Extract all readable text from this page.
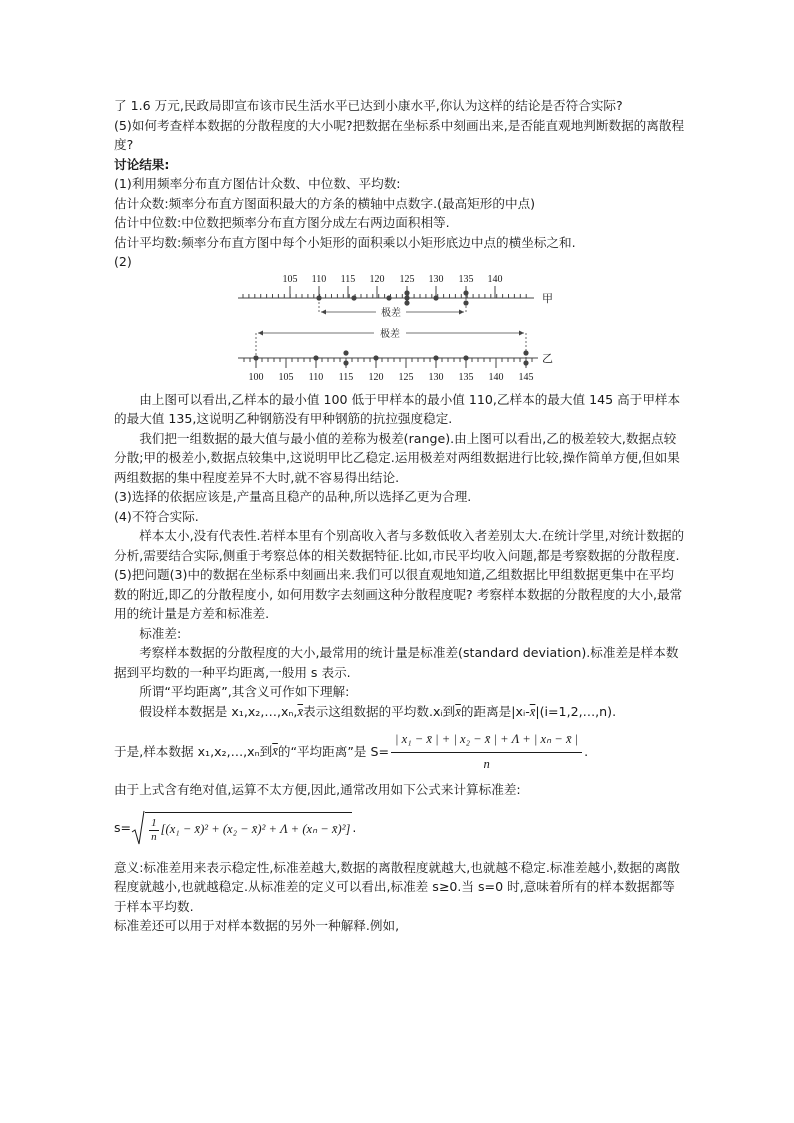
了 1.6 万元,民政局即宣布该市民生活水平已达到小康水平,你认为这样的结论是否符合实际?

(5)如何考查样本数据的分散程度的大小呢?把数据在坐标系中刻画出来,是否能直观地判断数据的离散程度?

讨论结果:

(1)利用频率分布直方图估计众数、中位数、平均数:

估计众数:频率分布直方图面积最大的方条的横轴中点数字.(最高矩形的中点)

估计中位数:中位数把频率分布直方图分成左右两边面积相等.

估计平均数:频率分布直方图中每个小矩形的面积乘以小矩形底边中点的横坐标之和.

(2)

105 110 115 120 125 130 135 140
极差
甲
极差
100 105 110 115 120 125 130 135 140 145
乙

由上图可以看出,乙样本的最小值 100 低于甲样本的最小值 110,乙样本的最大值 145 高于甲样本的最大值 135,这说明乙种钢筋没有甲种钢筋的抗拉强度稳定.

我们把一组数据的最大值与最小值的差称为极差(range).由上图可以看出,乙的极差较大,数据点较分散;甲的极差小,数据点较集中,这说明甲比乙稳定.运用极差对两组数据进行比较,操作简单方便,但如果两组数据的集中程度差异不大时,就不容易得出结论.

(3)选择的依据应该是,产量高且稳产的品种,所以选择乙更为合理.

(4)不符合实际.

样本太小,没有代表性.若样本里有个别高收入者与多数低收入者差别太大.在统计学里,对统计数据的分析,需要结合实际,侧重于考察总体的相关数据特征.比如,市民平均收入问题,都是考察数据的分散程度.

(5)把问题(3)中的数据在坐标系中刻画出来.我们可以很直观地知道,乙组数据比甲组数据更集中在平均数的附近,即乙的分散程度小, 如何用数字去刻画这种分散程度呢? 考察样本数据的分散程度的大小,最常用的统计量是方差和标准差.

标准差:

考察样本数据的分散程度的大小,最常用的统计量是标准差(standard deviation).标准差是样本数据到平均数的一种平均距离,一般用 s 表示.

所谓“平均距离”,其含义可作如下理解:

假设样本数据是 x₁,x₂,…,xₙ,x̄表示这组数据的平均数.xᵢ到x̄的距离是|xᵢ-x̄|(i=1,2,…,n).

于是,样本数据 x₁,x₂,…,xₙ到 x̄ 的“平均距离”是 $S= \frac{\text{| x₁ − x̄ | + | x₂ − x̄ | + Λ + | xₙ − x̄ |}}{n}$ .

由于上式含有绝对值,运算不太方便,因此,通常改用如下公式来计算标准差:

$s= \frac{1}{n} [(x_1$ − x̄)² + (x₂ − x̄)² + Λ + (xₙ − x̄)²] .

意义:标准差用来表示稳定性,标准差越大,数据的离散程度就越大,也就越不稳定.标准差越小,数据的离散程度就越小,也就越稳定.从标准差的定义可以看出,标准差 s≥0.当 s=0 时,意味着所有的样本数据都等于样本平均数.

标准差还可以用于对样本数据的另外一种解释.例如,
